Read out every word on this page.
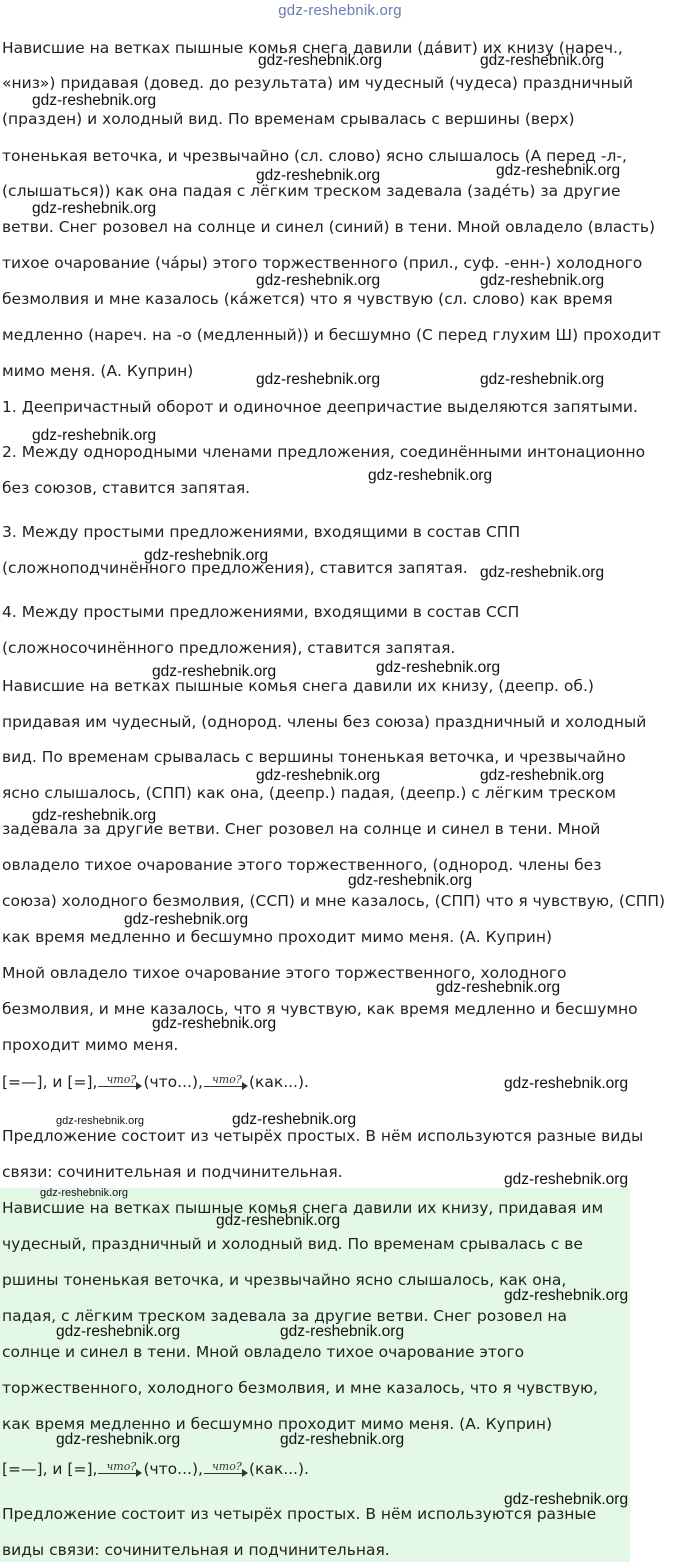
gdz-reshebnik.org
Нависшие на ветках пышные комья снега давили (да́вит) их книзу (нареч.,
«низ») придавая (довед. до результата) им чудесный (чудеса) праздничный
(празден) и холодный вид. По временам срывалась с вершины (верх)
тоненькая веточка, и чрезвычайно (сл. слово) ясно слышалось (А перед -л-,
(слышаться)) как она падая с лёгким треском задевала (задéть) за другие
ветви. Снег розовел на солнце и синел (синий) в тени. Мной овладело (власть)
тихое очарование (ча́ры) этого торжественного (прил., суф. -енн-) холодного
безмолвия и мне казалось (ка́жется) что я чувствую (сл. слово) как время
медленно (нареч. на -о (медленный)) и бесшумно (С перед глухим Ш) проходит
мимо меня. (А. Куприн)
1. Деепричастный оборот и одиночное деепричастие выделяются запятыми.
2. Между однородными членами предложения, соединёнными интонационно
без союзов, ставится запятая.
3. Между простыми предложениями, входящими в состав СПП
(сложноподчинённого предложения), ставится запятая.
4. Между простыми предложениями, входящими в состав ССП
(сложносочинённого предложения), ставится запятая.
Нависшие на ветках пышные комья снега давили их книзу, (деепр. об.)
придавая им чудесный, (однород. члены без союза) праздничный и холодный
вид. По временам срывалась с вершины тоненькая веточка, и чрезвычайно
ясно слышалось, (СПП) как она, (деепр.) падая, (деепр.) с лёгким треском
задевала за другие ветви. Снег розовел на солнце и синел в тени. Мной
овладело тихое очарование этого торжественного, (однород. члены без
союза) холодного безмолвия, (ССП) и мне казалось, (СПП) что я чувствую, (СПП)
как время медленно и бесшумно проходит мимо меня. (А. Куприн)
Мной овладело тихое очарование этого торжественного, холодного
безмолвия, и мне казалось, что я чувствую, как время медленно и бесшумно
проходит мимо меня.
[=—], и [=], что? (что...), что? (как...).
Предложение состоит из четырёх простых. В нём используются разные виды
связи: сочинительная и подчинительная.
Нависшие на ветках пышные комья снега давили их книзу, придавая им
чудесный, праздничный и холодный вид. По временам срывалась с ве
ршины тоненькая веточка, и чрезвычайно ясно слышалось, как она,
падая, с лёгким треском задевала за другие ветви. Снег розовел на
солнце и синел в тени. Мной овладело тихое очарование этого
торжественного, холодного безмолвия, и мне казалось, что я чувствую,
как время медленно и бесшумно проходит мимо меня. (А. Куприн)
[=—], и [=], что? (что...), что? (как...).
Предложение состоит из четырёх простых. В нём используются разные
виды связи: сочинительная и подчинительная.
gdz-reshebnik.org	gdz-reshebnik.org
gdz-reshebnik.org
gdz-reshebnik.org	gdz-reshebnik.org
gdz-reshebnik.org
gdz-reshebnik.org	gdz-reshebnik.org
gdz-reshebnik.org	gdz-reshebnik.org
gdz-reshebnik.org
gdz-reshebnik.org
gdz-reshebnik.org
gdz-reshebnik.org
gdz-reshebnik.org	gdz-reshebnik.org
gdz-reshebnik.org	gdz-reshebnik.org
gdz-reshebnik.org
gdz-reshebnik.org
gdz-reshebnik.org
gdz-reshebnik.org
gdz-reshebnik.org
gdz-reshebnik.org
gdz-reshebnik.org	gdz-reshebnik.org
gdz-reshebnik.org
gdz-reshebnik.org
gdz-reshebnik.org
gdz-reshebnik.org
gdz-reshebnik.org	gdz-reshebnik.org
gdz-reshebnik.org	gdz-reshebnik.org
gdz-reshebnik.org
